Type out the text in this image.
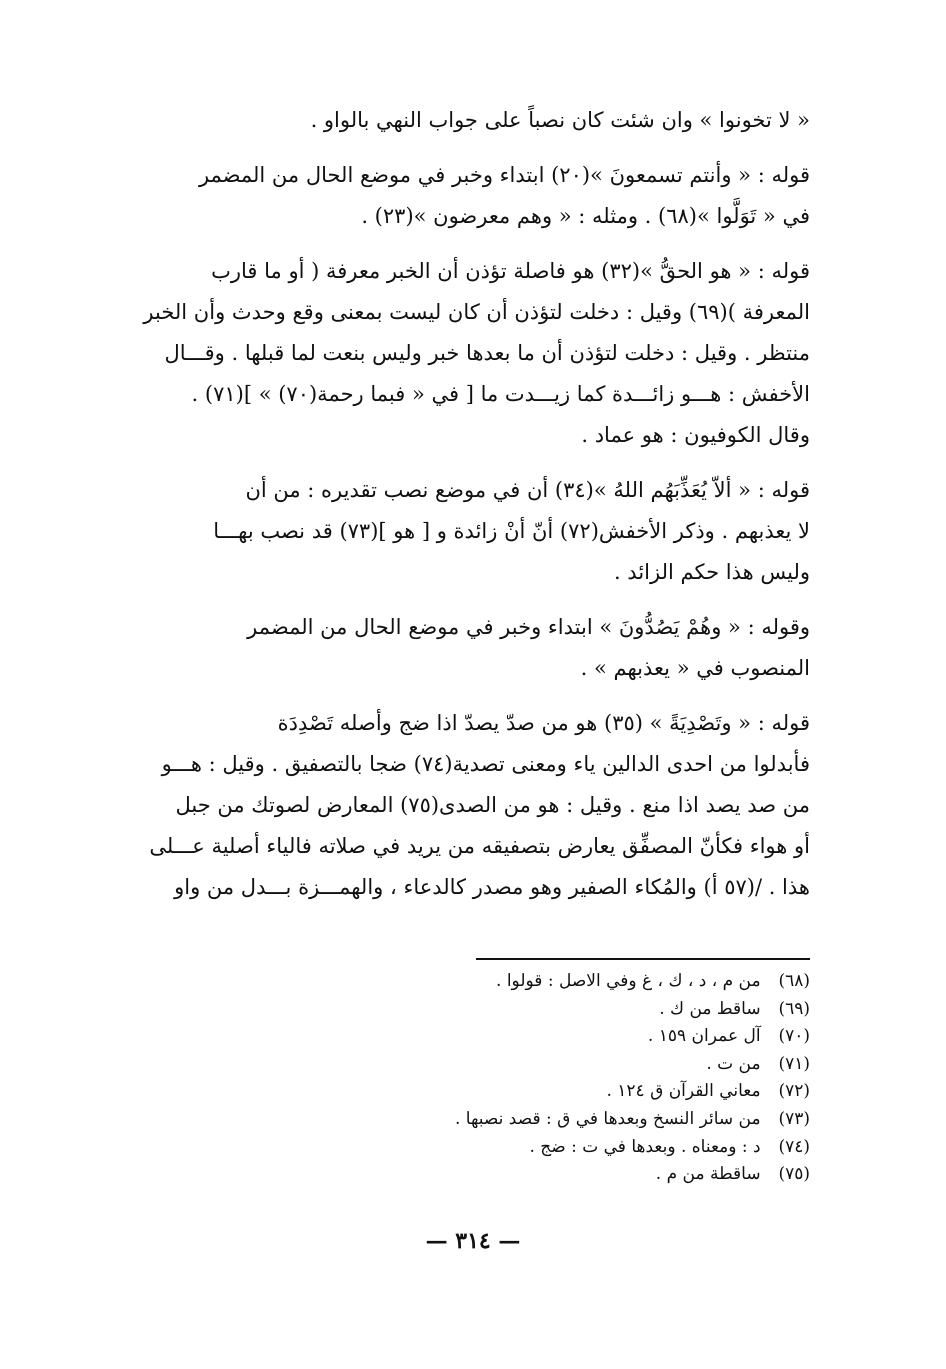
« لا تخونوا » وان شئت كان نصباً على جواب النهي بالواو .

قوله : « وأنتم تسمعونَ »(٢٠) ابتداء وخبر في موضع الحال من المضمر
في « تَوَلَّوا »(٦٨) . ومثله : « وهم معرضون »(٢٣) .

قوله : « هو الحقُّ »(٣٢) هو فاصلة تؤذن أن الخبر معرفة ( أو ما قارب
المعرفة )(٦٩) وقيل : دخلت لتؤذن أن كان ليست بمعنى وقع وحدث وأن الخبر
منتظر . وقيل : دخلت لتؤذن أن ما بعدها خبر وليس بنعت لما قبلها . وقـــال
الأخفش : هـــو زائـــدة كما زيـــدت ما [ في « فبما رحمة(٧٠) » ](٧١) .
وقال الكوفيون : هو عماد .

قوله : « ألاّ يُعَذِّبَهُم اللهُ »(٣٤) أن في موضع نصب تقديره : من أن
لا يعذبهم . وذكر الأخفش(٧٢) أنّ أنْ زائدة و [ هو ](٧٣) قد نصب بهـــا
وليس هذا حكم الزائد .

وقوله : « وهُمْ يَصُدُّونَ » ابتداء وخبر في موضع الحال من المضمر
المنصوب في « يعذبهم » .

قوله : « وتَصْدِيَةً » (٣٥) هو من صدّ يصدّ اذا ضج وأصله تَصْدِدَة
فأبدلوا من احدى الدالين ياء ومعنى تصدية(٧٤) ضجا بالتصفيق . وقيل : هـــو
من صد يصد اذا منع . وقيل : هو من الصدى(٧٥) المعارض لصوتك من جبل
أو هواء فكأنّ المصفِّق يعارض بتصفيقه من يريد في صلاته فالياء أصلية عـــلى
هذا . /(٥٧ أ) والمُكاء الصفير وهو مصدر كالدعاء ، والهمـــزة بـــدل من واو

(٦٨) من م ، د ، ك ، غ وفي الاصل : قولوا .
(٦٩) ساقط من ك .
(٧٠) آل عمران ١٥٩ .
(٧١) من ت .
(٧٢) معاني القرآن ق ١٢٤ .
(٧٣) من سائر النسخ وبعدها في ق : قصد نصبها .
(٧٤) د : ومعناه . وبعدها في ت : ضج .
(٧٥) ساقطة من م .
— ٣١٤ —
